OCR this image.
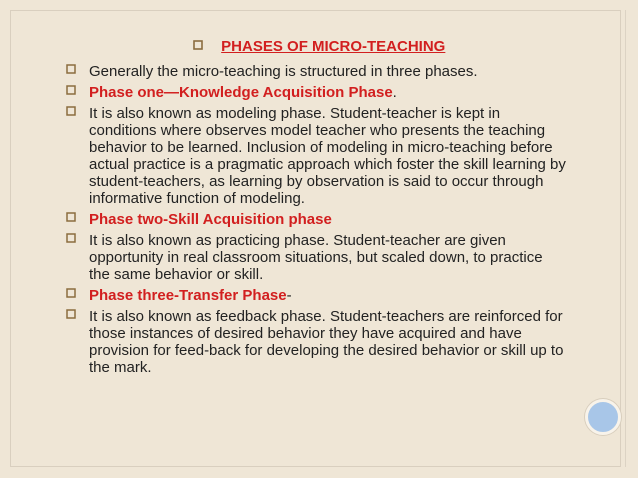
PHASES OF MICRO-TEACHING
Generally the micro-teaching is structured in three phases.
Phase one—Knowledge Acquisition Phase.
It is also known as modeling phase. Student-teacher is kept in conditions where observes model teacher who presents the teaching behavior to be learned. Inclusion of modeling in micro-teaching before actual practice is a pragmatic approach which foster the skill learning by student-teachers, as learning by observation is said to occur through informative function of modeling.
Phase two-Skill Acquisition phase
It is also known as practicing phase. Student-teacher are given opportunity in real classroom situations, but scaled down, to practice the same behavior or skill.
Phase three-Transfer Phase-
It is also known as feedback phase. Student-teachers are reinforced for those instances of desired behavior they have acquired and have provision for feed-back for developing the desired behavior or skill up to the mark.
